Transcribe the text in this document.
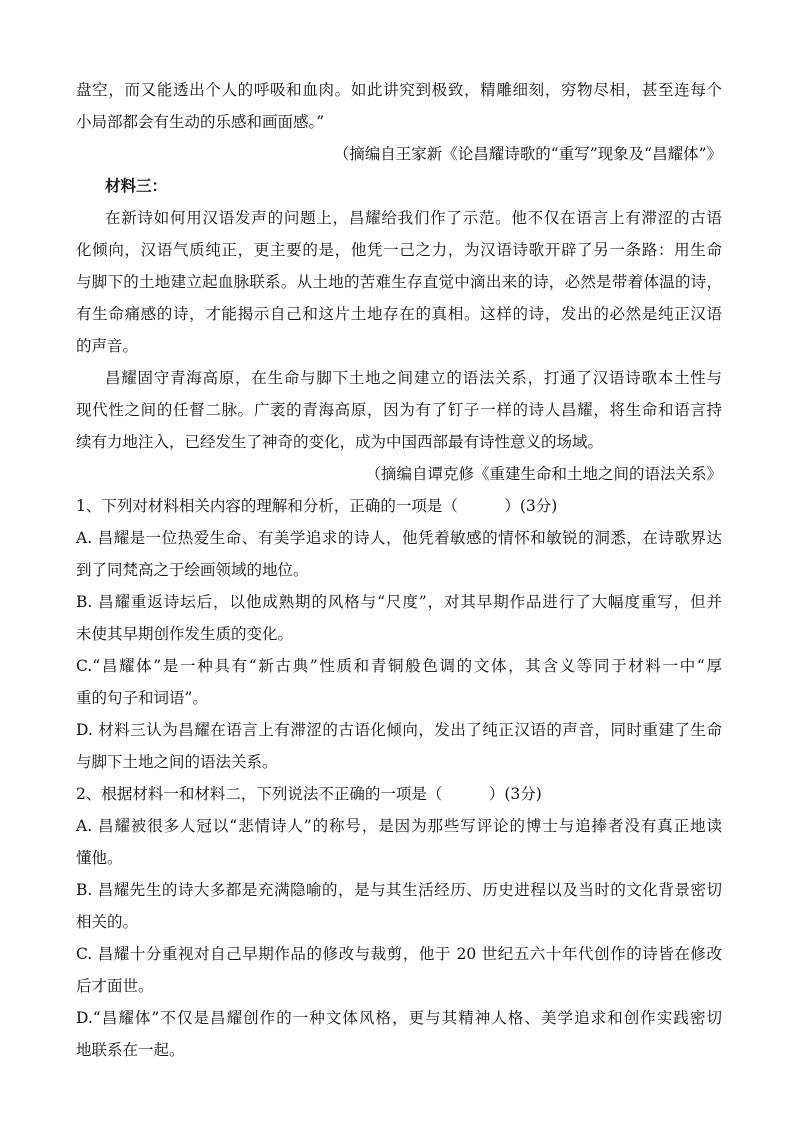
盘空，而又能透出个人的呼吸和血肉。如此讲究到极致，精雕细刻，穷物尽相，甚至连每个
小局部都会有生动的乐感和画面感。”
（摘编自王家新《论昌耀诗歌的“重写”现象及“昌耀体”》
材料三：
在新诗如何用汉语发声的问题上，昌耀给我们作了示范。他不仅在语言上有滞涩的古语
化倾向，汉语气质纯正，更主要的是，他凭一己之力，为汉语诗歌开辟了另一条路：用生命
与脚下的土地建立起血脉联系。从土地的苦难生存直觉中滴出来的诗，必然是带着体温的诗，
有生命痛感的诗，才能揭示自己和这片土地存在的真相。这样的诗，发出的必然是纯正汉语
的声音。
昌耀固守青海高原，在生命与脚下土地之间建立的语法关系，打通了汉语诗歌本土性与
现代性之间的任督二脉。广袤的青海高原，因为有了钉子一样的诗人昌耀，将生命和语言持
续有力地注入，已经发生了神奇的变化，成为中国西部最有诗性意义的场域。
（摘编自谭克修《重建生命和土地之间的语法关系》
1、下列对材料相关内容的理解和分析，正确的一项是（　　　）(3分)
A. 昌耀是一位热爱生命、有美学追求的诗人，他凭着敏感的情怀和敏锐的洞悉，在诗歌界达
到了同梵高之于绘画领域的地位。
B. 昌耀重返诗坛后，以他成熟期的风格与“尺度”，对其早期作品进行了大幅度重写，但并
未使其早期创作发生质的变化。
C.“昌耀体”是一种具有“新古典”性质和青铜般色调的文体，其含义等同于材料一中“厚
重的句子和词语”。
D. 材料三认为昌耀在语言上有滞涩的古语化倾向，发出了纯正汉语的声音，同时重建了生命
与脚下土地之间的语法关系。
2、根据材料一和材料二，下列说法不正确的一项是（　　　）(3分)
A. 昌耀被很多人冠以“悲情诗人”的称号，是因为那些写评论的博士与追捧者没有真正地读
懂他。
B. 昌耀先生的诗大多都是充满隐喻的，是与其生活经历、历史进程以及当时的文化背景密切
相关的。
C. 昌耀十分重视对自己早期作品的修改与裁剪，他于 20 世纪五六十年代创作的诗皆在修改
后才面世。
D.“昌耀体”不仅是昌耀创作的一种文体风格，更与其精神人格、美学追求和创作实践密切
地联系在一起。
